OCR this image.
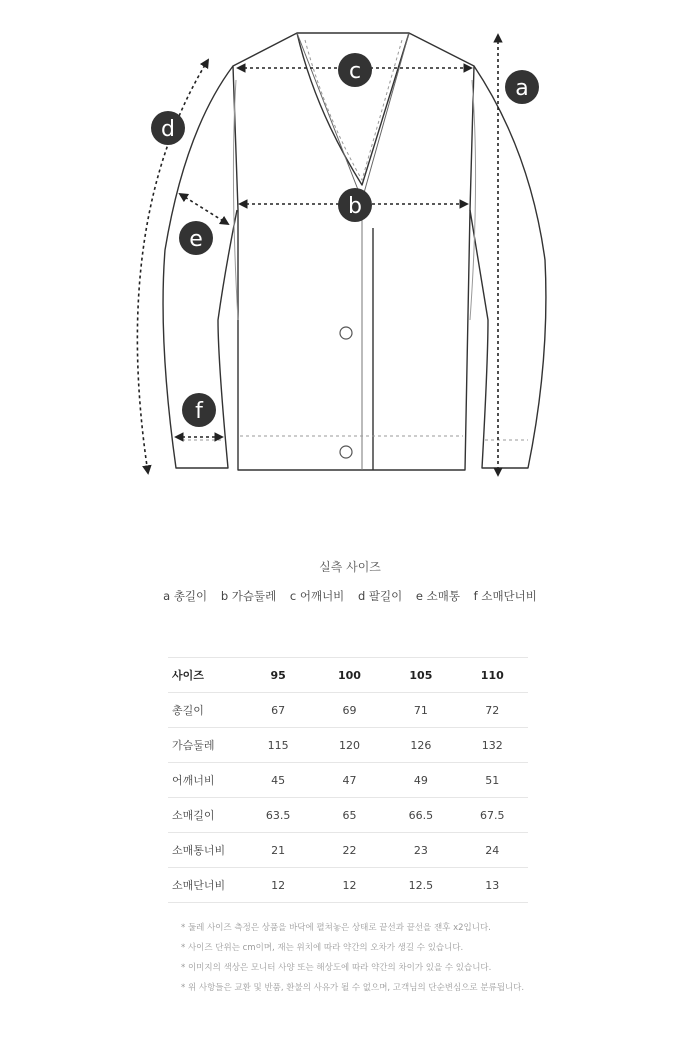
a
c
b
d
e
f
실측 사이즈
a 총길이 b 가슴둘레 c 어깨너비 d 팔길이 e 소매통 f 소매단너비
사이즈	95	100	105	110
총길이	67	69	71	72
가슴둘레	115	120	126	132
어깨너비	45	47	49	51
소매길이	63.5	65	66.5	67.5
소매통너비	21	22	23	24
소매단너비	12	12	12.5	13
* 둘레 사이즈 측정은 상품을 바닥에 펼쳐놓은 상태로 끝선과 끝선을 잰후 x2입니다.
* 사이즈 단위는 cm이며, 재는 위치에 따라 약간의 오차가 생길 수 있습니다.
* 이미지의 색상은 모니터 사양 또는 해상도에 따라 약간의 차이가 있을 수 있습니다.
* 위 사항들은 교환 및 반품, 환불의 사유가 될 수 없으며, 고객님의 단순변심으로 분류됩니다.
